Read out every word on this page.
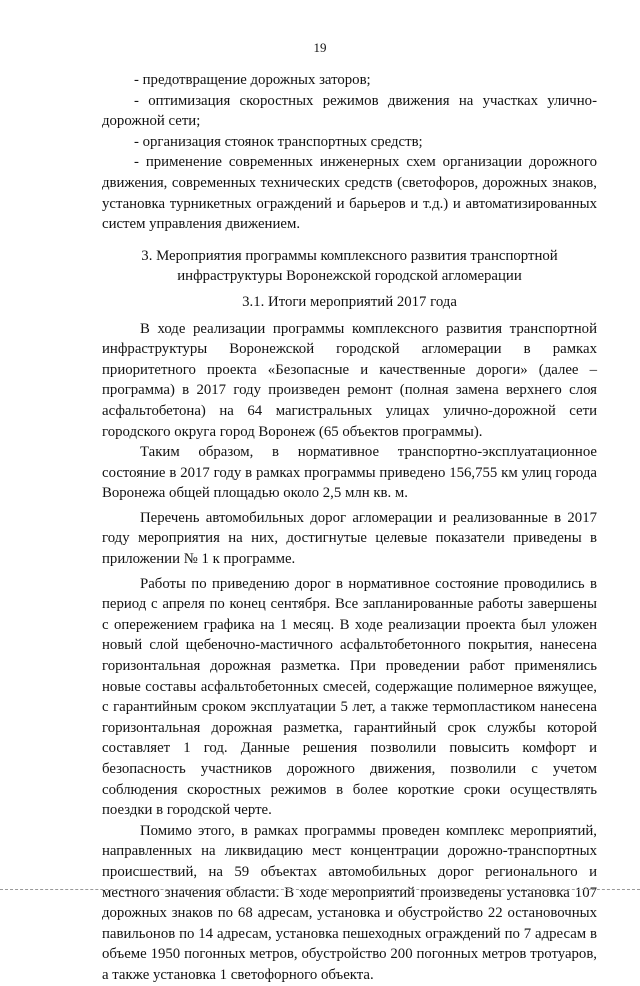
19

- предотвращение дорожных заторов;

- оптимизация скоростных режимов движения на участках улично-дорожной сети;

- организация стоянок транспортных средств;

- применение современных инженерных схем организации дорожного движения, современных технических средств (светофоров, дорожных знаков, установка турникетных ограждений и барьеров и т.д.) и автоматизированных систем управления движением.

3. Мероприятия программы комплексного развития транспортной инфраструктуры Воронежской городской агломерации

3.1. Итоги мероприятий 2017 года

В ходе реализации программы комплексного развития транспортной инфраструктуры Воронежской городской агломерации в рамках приоритетного проекта «Безопасные и качественные дороги» (далее – программа) в 2017 году произведен ремонт (полная замена верхнего слоя асфальтобетона) на 64 магистральных улицах улично-дорожной сети городского округа город Воронеж (65 объектов программы).

Таким образом, в нормативное транспортно-эксплуатационное состояние в 2017 году в рамках программы приведено 156,755 км улиц города Воронежа общей площадью около 2,5 млн кв. м.

Перечень автомобильных дорог агломерации и реализованные в 2017 году мероприятия на них, достигнутые целевые показатели приведены в приложении № 1 к программе.

Работы по приведению дорог в нормативное состояние проводились в период с апреля по конец сентября. Все запланированные работы завершены с опережением графика на 1 месяц. В ходе реализации проекта был уложен новый слой щебеночно-мастичного асфальтобетонного покрытия, нанесена горизонтальная дорожная разметка. При проведении работ применялись новые составы асфальтобетонных смесей, содержащие полимерное вяжущее, с гарантийным сроком эксплуатации 5 лет, а также термопластиком нанесена горизонтальная дорожная разметка, гарантийный срок службы которой составляет 1 год. Данные решения позволили повысить комфорт и безопасность участников дорожного движения, позволили с учетом соблюдения скоростных режимов в более короткие сроки осуществлять поездки в городской черте.

Помимо этого, в рамках программы проведен комплекс мероприятий, направленных на ликвидацию мест концентрации дорожно-транспортных происшествий, на 59 объектах автомобильных дорог регионального и местного значения области. В ходе мероприятий произведены установка 107 дорожных знаков по 68 адресам, установка и обустройство 22 остановочных павильонов по 14 адресам, установка пешеходных ограждений по 7 адресам в объеме 1950 погонных метров, обустройство 200 погонных метров тротуаров, а также установка 1 светофорного объекта.
